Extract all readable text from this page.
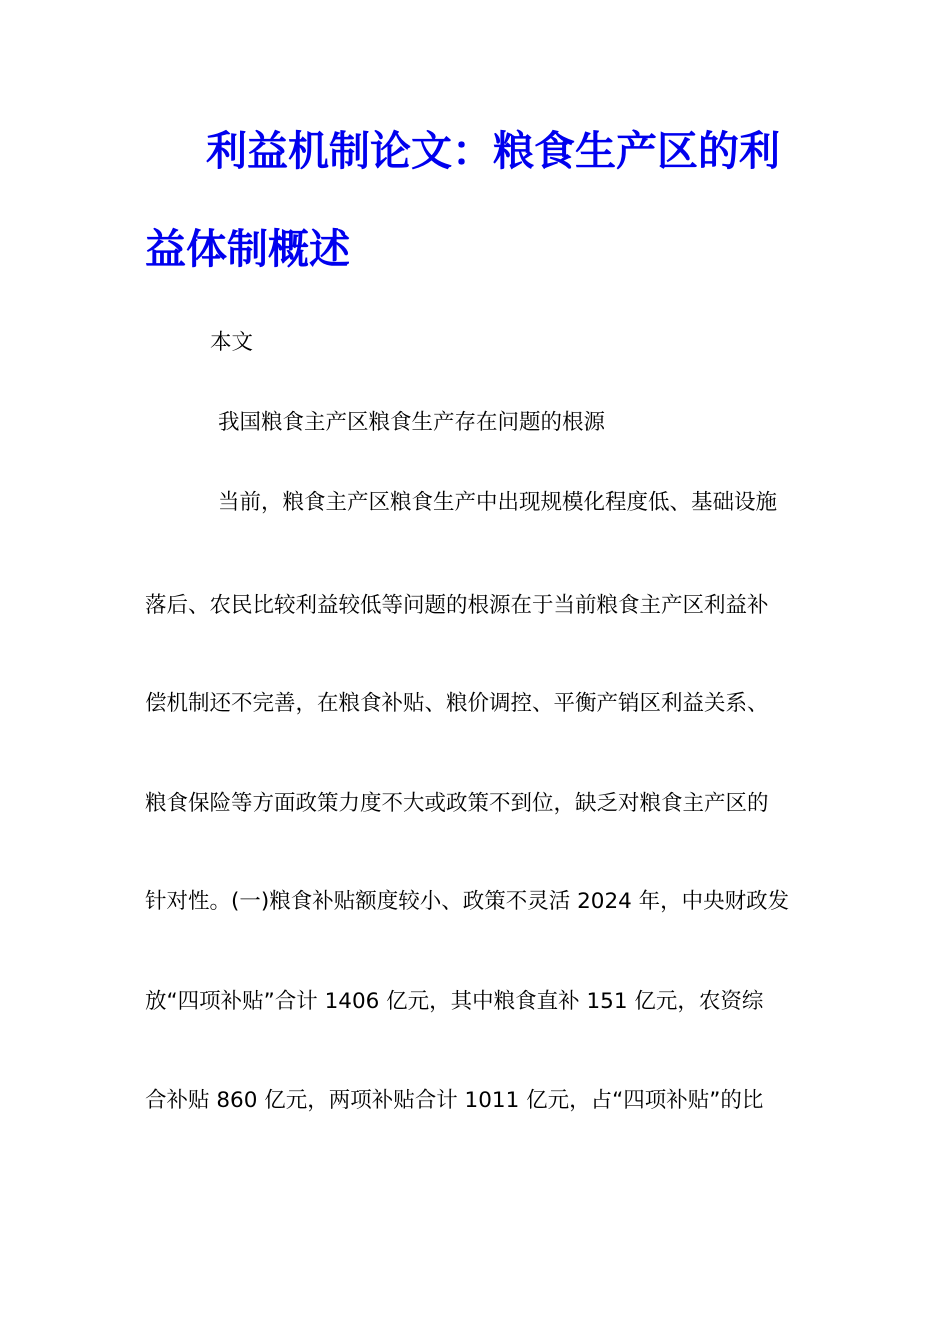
利益机制论文：粮食生产区的利
益体制概述

本文

我国粮食主产区粮食生产存在问题的根源

当前，粮食主产区粮食生产中出现规模化程度低、基础设施

落后、农民比较利益较低等问题的根源在于当前粮食主产区利益补

偿机制还不完善，在粮食补贴、粮价调控、平衡产销区利益关系、

粮食保险等方面政策力度不大或政策不到位，缺乏对粮食主产区的

针对性。(一)粮食补贴额度较小、政策不灵活 2024 年，中央财政发

放“四项补贴”合计 1406 亿元，其中粮食直补 151 亿元，农资综

合补贴 860 亿元，两项补贴合计 1011 亿元，占“四项补贴”的比
